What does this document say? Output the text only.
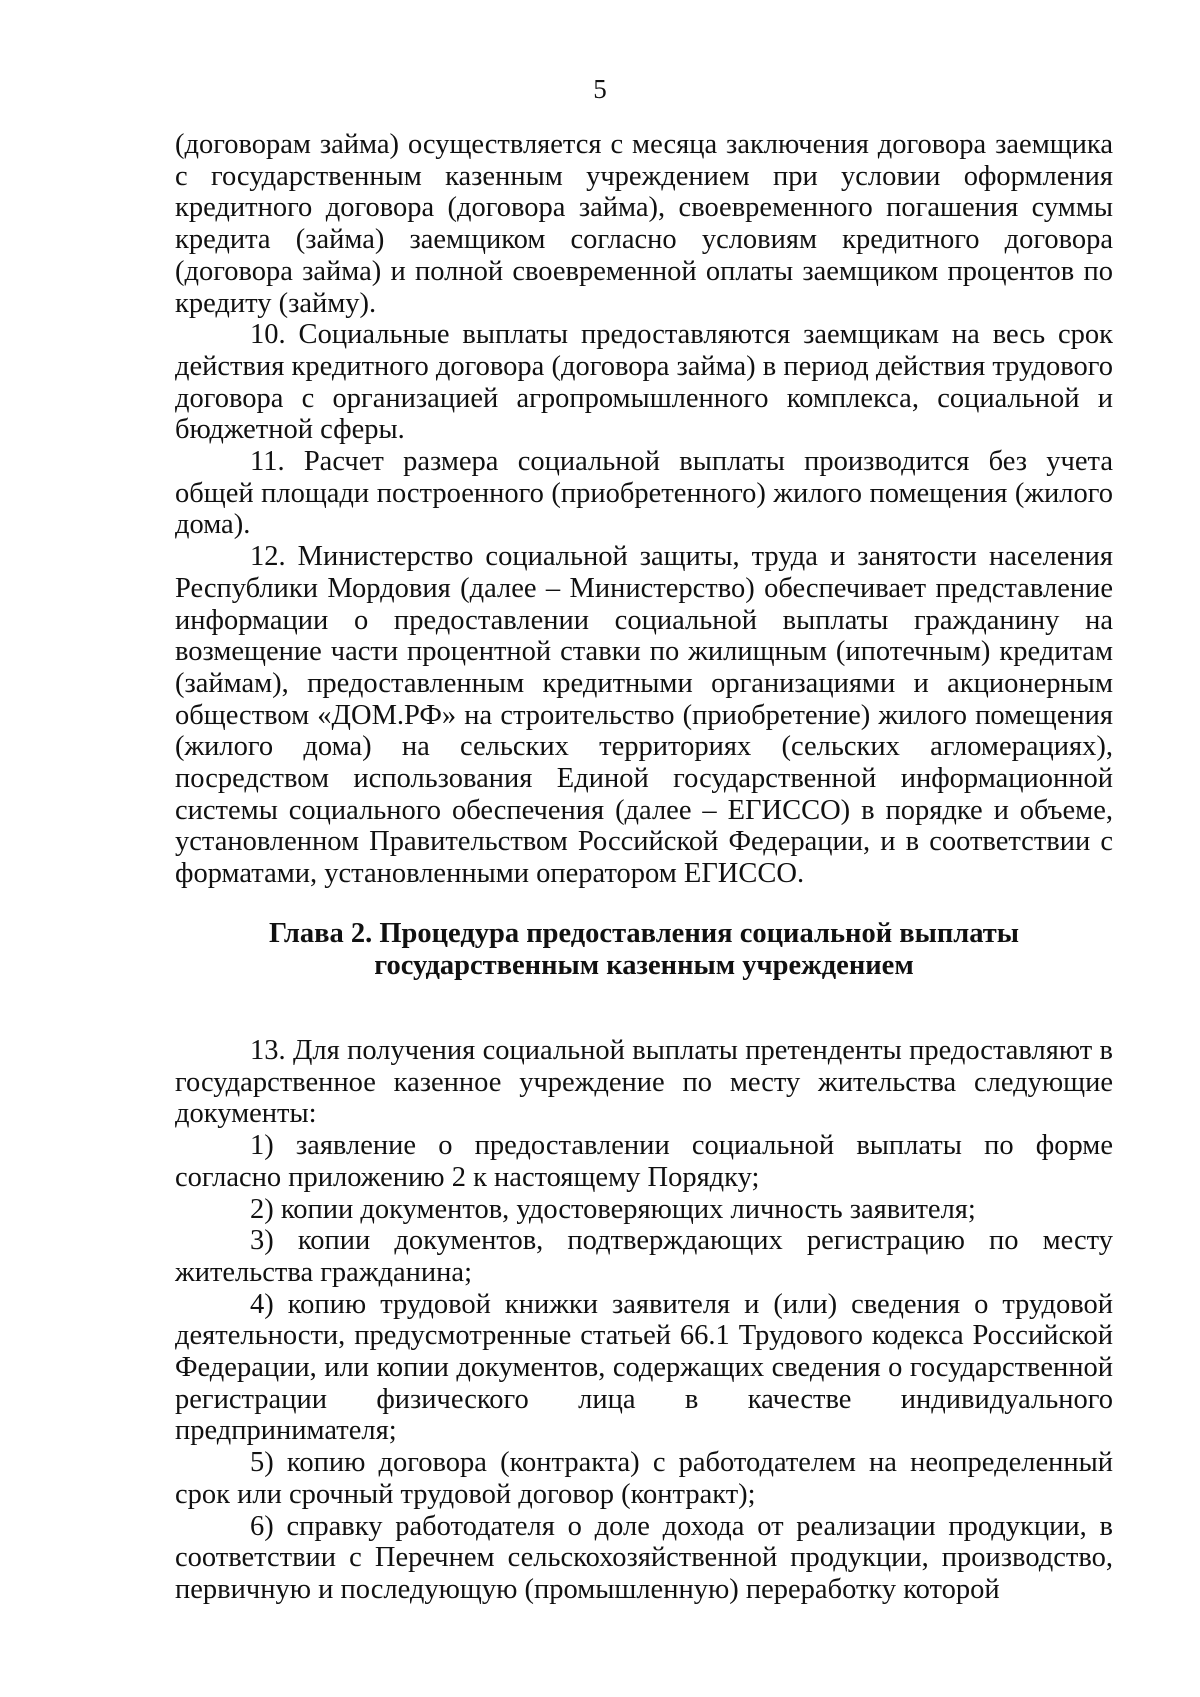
5

(договорам займа) осуществляется с месяца заключения договора заемщика с государственным казенным учреждением при условии оформления кредитного договора (договора займа), своевременного погашения суммы кредита (займа) заемщиком согласно условиям кредитного договора (договора займа) и полной своевременной оплаты заемщиком процентов по кредиту (займу).

10. Социальные выплаты предоставляются заемщикам на весь срок действия кредитного договора (договора займа) в период действия трудового договора с организацией агропромышленного комплекса, социальной и бюджетной сферы.

11. Расчет размера социальной выплаты производится без учета общей площади построенного (приобретенного) жилого помещения (жилого дома).

12. Министерство социальной защиты, труда и занятости населения Республики Мордовия (далее – Министерство) обеспечивает представление информации о предоставлении социальной выплаты гражданину на возмещение части процентной ставки по жилищным (ипотечным) кредитам (займам), предоставленным кредитными организациями и акционерным обществом «ДОМ.РФ» на строительство (приобретение) жилого помещения (жилого дома) на сельских территориях (сельских агломерациях), посредством использования Единой государственной информационной системы социального обеспечения (далее – ЕГИССО) в порядке и объеме, установленном Правительством Российской Федерации, и в соответствии с форматами, установленными оператором ЕГИССО.

Глава 2. Процедура предоставления социальной выплаты
государственным казенным учреждением

13. Для получения социальной выплаты претенденты предоставляют в государственное казенное учреждение по месту жительства следующие документы:

1) заявление о предоставлении социальной выплаты по форме согласно приложению 2 к настоящему Порядку;

2) копии документов, удостоверяющих личность заявителя;

3) копии документов, подтверждающих регистрацию по месту жительства гражданина;

4) копию трудовой книжки заявителя и (или) сведения о трудовой деятельности, предусмотренные статьей 66.1 Трудового кодекса Российской Федерации, или копии документов, содержащих сведения о государственной регистрации физического лица в качестве индивидуального предпринимателя;

5) копию договора (контракта) с работодателем на неопределенный срок или срочный трудовой договор (контракт);

6) справку работодателя о доле дохода от реализации продукции, в соответствии с Перечнем сельскохозяйственной продукции, производство, первичную и последующую (промышленную) переработку которой
